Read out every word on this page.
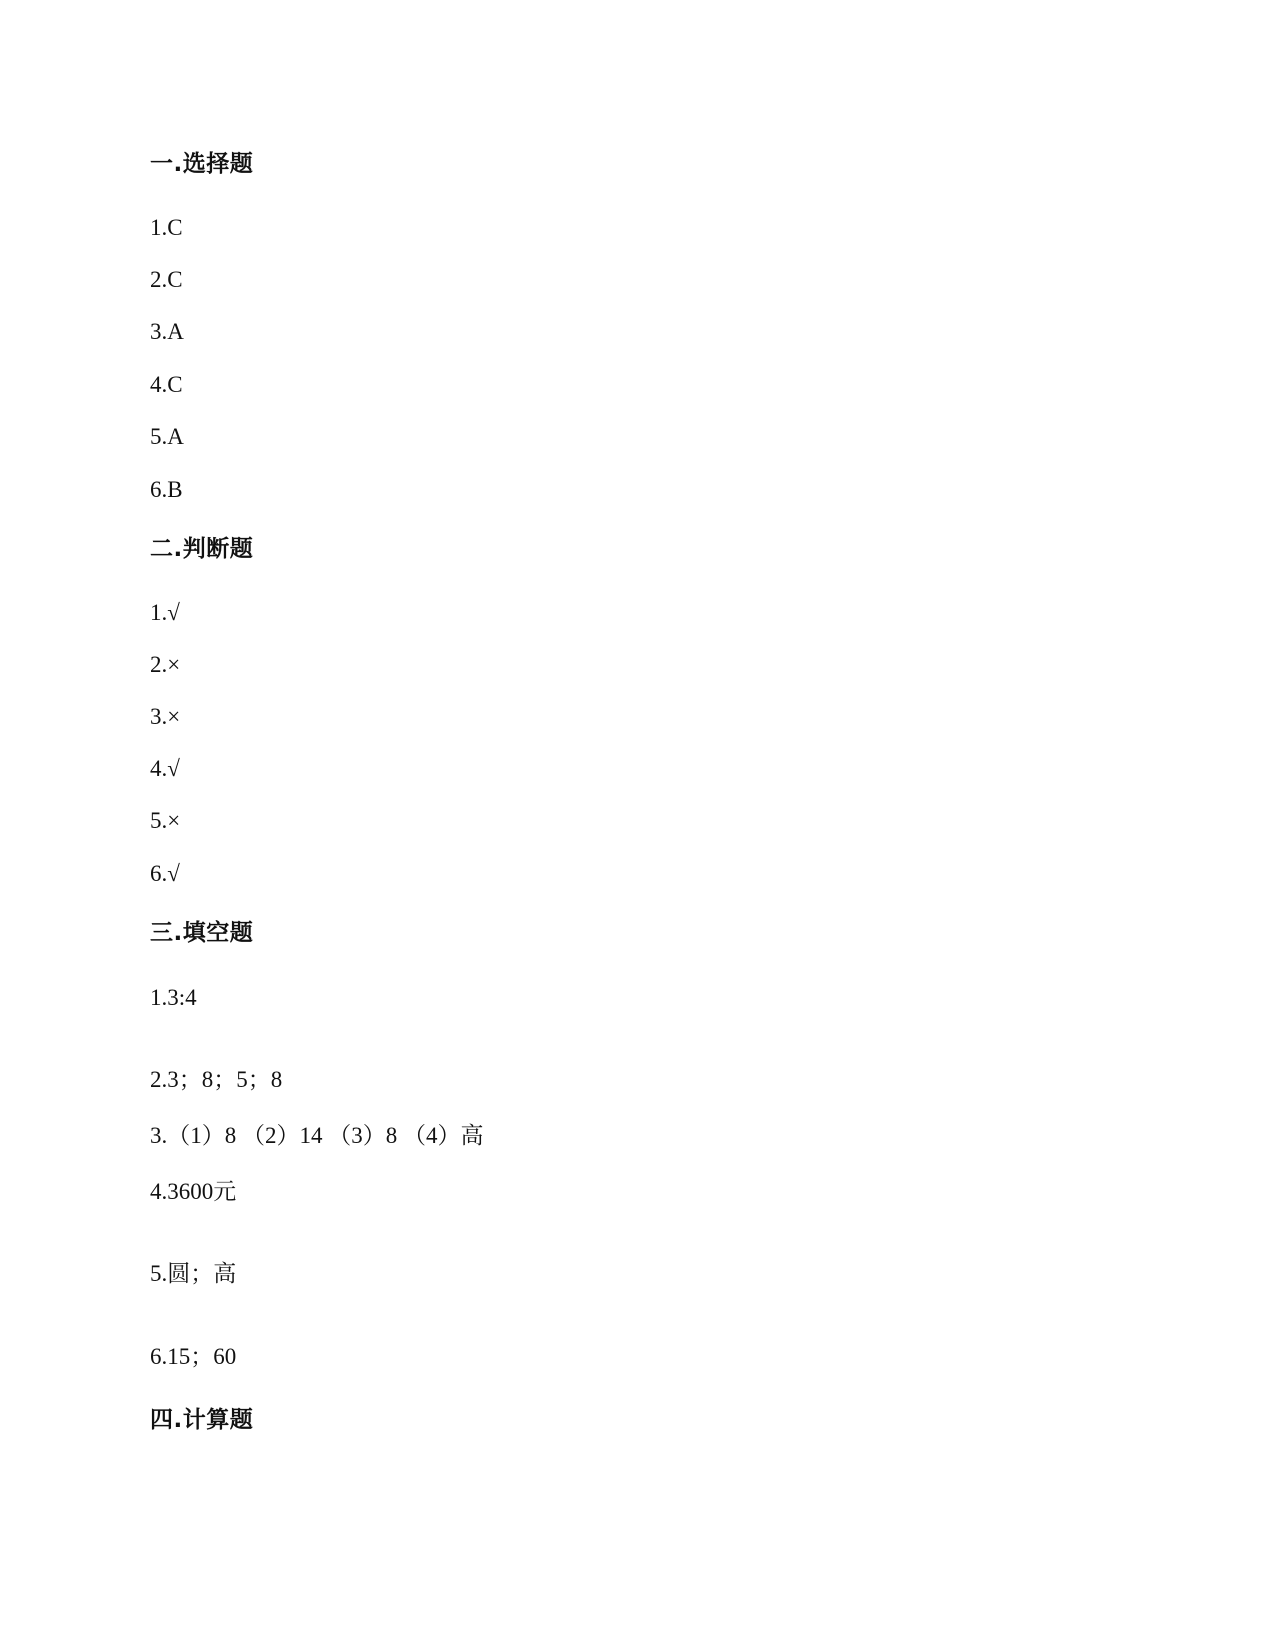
一.选择题
1.C
2.C
3.A
4.C
5.A
6.B
二.判断题
1.√
2.×
3.×
4.√
5.×
6.√
三.填空题
1.3:4
2.3；8；5；8
3.（1）8 （2）14 （3）8 （4）高
4.3600元
5.圆；高
6.15；60
四.计算题
